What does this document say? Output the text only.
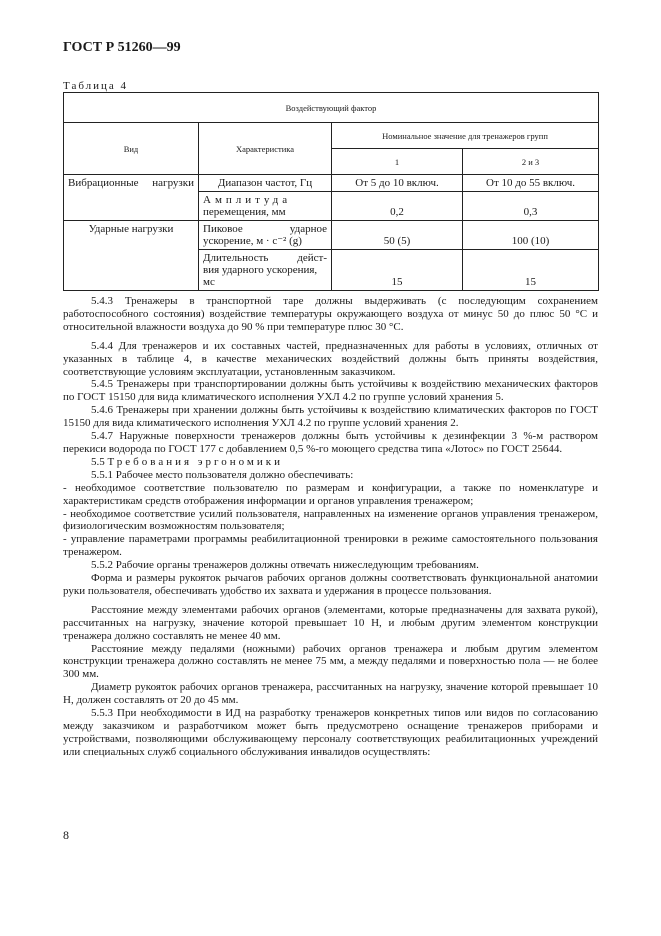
ГОСТ Р 51260—99
Таблица 4
Воздействующий фактор			
Вид	Характеристика	Номинальное значение для тренажеров групп	
		1	2 и 3

Вибрационные нагрузки	Диапазон частот, Гц	От 5 до 10 включ.	От 10 до 55 включ.

	Амплитуда
перемещения, мм	0,2	0,3
Ударные нагрузки	Пиковое ударное
ускорение, м · с⁻² (g)	50 (5)	100 (10)

	Длительность дейст-
вия ударного ускорения, мс	15	15

5.4.3 Тренажеры в транспортной таре должны выдерживать (с последующим сохранением работоспособного состояния) воздействие температуры окружающего воздуха от минус 50 до плюс 50 °С и относительной влажности воздуха до 90 % при температуре плюс 30 °С.

5.4.4 Для тренажеров и их составных частей, предназначенных для работы в условиях, отличных от указанных в таблице 4, в качестве механических воздействий должны быть приняты воздействия, соответствующие условиям эксплуатации, установленным заказчиком.

5.4.5 Тренажеры при транспортировании должны быть устойчивы к воздействию механических факторов по ГОСТ 15150 для вида климатического исполнения УХЛ 4.2 по группе условий хранения 5.

5.4.6 Тренажеры при хранении должны быть устойчивы к воздействию климатических факторов по ГОСТ 15150 для вида климатического исполнения УХЛ 4.2 по группе условий хранения 2.

5.4.7 Наружные поверхности тренажеров должны быть устойчивы к дезинфекции 3 %-м раствором перекиси водорода по ГОСТ 177 с добавлением 0,5 %-го моющего средства типа «Лотос» по ГОСТ 25644.

5.5 Требования эргономики

5.5.1 Рабочее место пользователя должно обеспечивать:

- необходимое соответствие пользователю по размерам и конфигурации, а также по номенклатуре и характеристикам средств отображения информации и органов управления тренажером;

- необходимое соответствие усилий пользователя, направленных на изменение органов управления тренажером, физиологическим возможностям пользователя;

- управление параметрами программы реабилитационной тренировки в режиме самостоятельного пользования тренажером.

5.5.2 Рабочие органы тренажеров должны отвечать нижеследующим требованиям.

Форма и размеры рукояток рычагов рабочих органов должны соответствовать функциональной анатомии руки пользователя, обеспечивать удобство их захвата и удержания в процессе пользования.

Расстояние между элементами рабочих органов (элементами, которые предназначены для захвата рукой), рассчитанных на нагрузку, значение которой превышает 10 Н, и любым другим элементом конструкции тренажера должно составлять не менее 40 мм.

Расстояние между педалями (ножными) рабочих органов тренажера и любым другим элементом конструкции тренажера должно составлять не менее 75 мм, а между педалями и поверхностью пола — не более 300 мм.

Диаметр рукояток рабочих органов тренажера, рассчитанных на нагрузку, значение которой превышает 10 Н, должен составлять от 20 до 45 мм.

5.5.3 При необходимости в ИД на разработку тренажеров конкретных типов или видов по согласованию между заказчиком и разработчиком может быть предусмотрено оснащение тренажеров приборами и устройствами, позволяющими обслуживающему персоналу соответствующих реабилитационных учреждений или специальных служб социального обслуживания инвалидов осуществлять:

8
